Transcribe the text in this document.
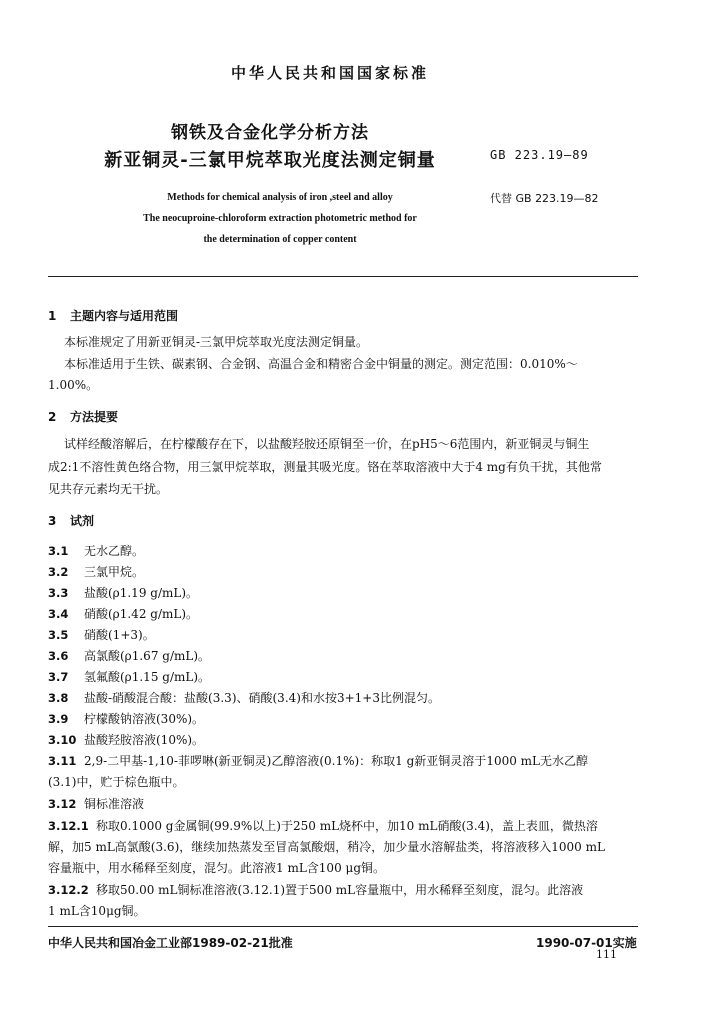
中华人民共和国国家标准
钢铁及合金化学分析方法
新亚铜灵-三氯甲烷萃取光度法测定铜量	GB 223.19—89
Methods for chemical analysis of iron ,steel and alloy
The neocuproine-chloroform extraction photometric method for
the determination of copper content
代替 GB 223.19—82
1 主题内容与适用范围
本标准规定了用新亚铜灵-三氯甲烷萃取光度法测定铜量。
本标准适用于生铁、碳素钢、合金钢、高温合金和精密合金中铜量的测定。测定范围：0.010%～
1.00%。
2 方法提要
试样经酸溶解后，在柠檬酸存在下，以盐酸羟胺还原铜至一价，在pH5～6范围内，新亚铜灵与铜生
成2:1不溶性黄色络合物，用三氯甲烷萃取，测量其吸光度。铬在萃取溶液中大于4 mg有负干扰，其他常
见共存元素均无干扰。
3 试剂
3.1 无水乙醇。
3.2 三氯甲烷。
3.3 盐酸(ρ1.19 g/mL)。
3.4 硝酸(ρ1.42 g/mL)。
3.5 硝酸(1+3)。
3.6 高氯酸(ρ1.67 g/mL)。
3.7 氢氟酸(ρ1.15 g/mL)。
3.8 盐酸-硝酸混合酸：盐酸(3.3)、硝酸(3.4)和水按3+1+3比例混匀。
3.9 柠檬酸钠溶液(30%)。
3.10 盐酸羟胺溶液(10%)。
3.11 2,9-二甲基-1,10-菲啰啉(新亚铜灵)乙醇溶液(0.1%)：称取1 g新亚铜灵溶于1000 mL无水乙醇
(3.1)中，贮于棕色瓶中。
3.12 铜标准溶液
3.12.1 称取0.1000 g金属铜(99.9%以上)于250 mL烧杯中，加10 mL硝酸(3.4)，盖上表皿，微热溶
解，加5 mL高氯酸(3.6)，继续加热蒸发至冒高氯酸烟，稍冷，加少量水溶解盐类，将溶液移入1000 mL
容量瓶中，用水稀释至刻度，混匀。此溶液1 mL含100 μg铜。
3.12.2 移取50.00 mL铜标准溶液(3.12.1)置于500 mL容量瓶中，用水稀释至刻度，混匀。此溶液
1 mL含10μg铜。
中华人民共和国冶金工业部1989-02-21批准	1990-07-01实施
111
